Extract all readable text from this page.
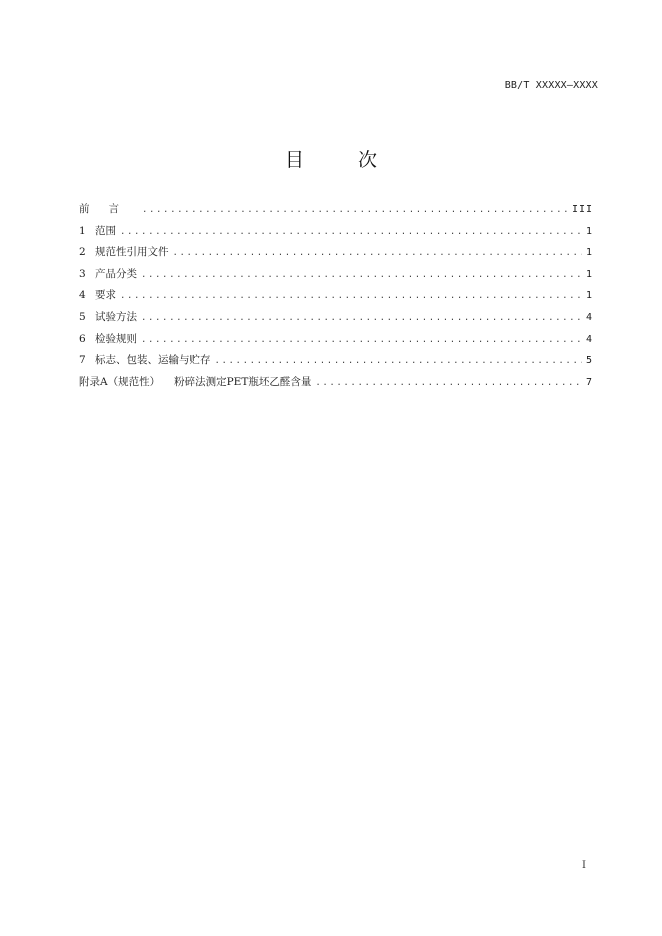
BB/T XXXXX—XXXX
目 次
前言 .....	III
1 范围 .....	1
2 规范性引用文件 .....	1
3 产品分类 .....	1
4 要求 .....	1
5 试验方法 .....	4
6 检验规则 .....	4
7 标志、包装、运输与贮存 .....	5
附录A（规范性） 粉碎法测定PET瓶坯乙醛含量 .....	7
I
